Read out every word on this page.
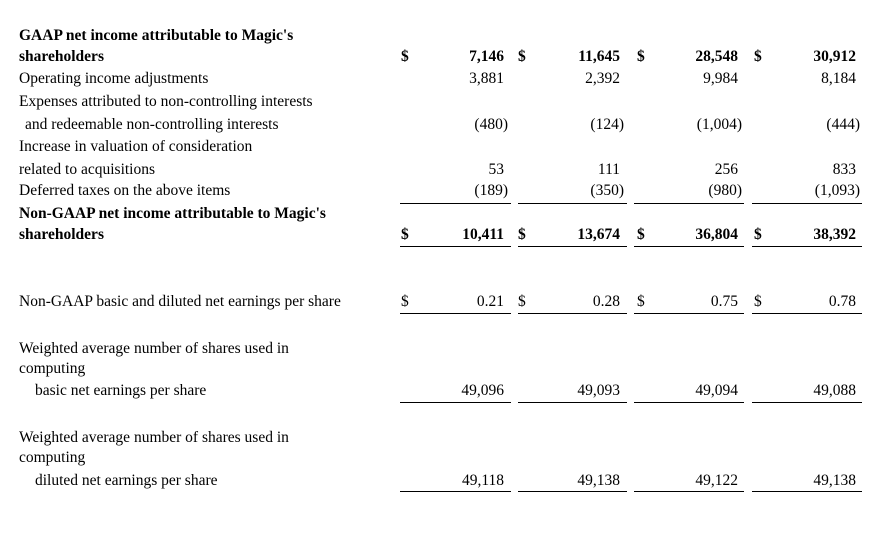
GAAP net income attributable to Magic's
shareholders	$	7,146 $	11,645 $	28,548 $	30,912
Operating income adjustments	3,881	2,392	9,984	8,184
Expenses attributed to non-controlling interests
and redeemable non-controlling interests	(480)	(124)	(1,004)	(444)
Increase in valuation of consideration
related to acquisitions	53	111	256	833
Deferred taxes on the above items	(189)	(350)	(980)	(1,093)
Non-GAAP net income attributable to Magic's
shareholders	$	10,411 $	13,674 $	36,804 $	38,392
Non-GAAP basic and diluted net earnings per share	$	0.21 $	0.28 $	0.75 $	0.78
Weighted average number of shares used in
computing
basic net earnings per share	49,096	49,093	49,094	49,088
Weighted average number of shares used in
computing
diluted net earnings per share	49,118	49,138	49,122	49,138
